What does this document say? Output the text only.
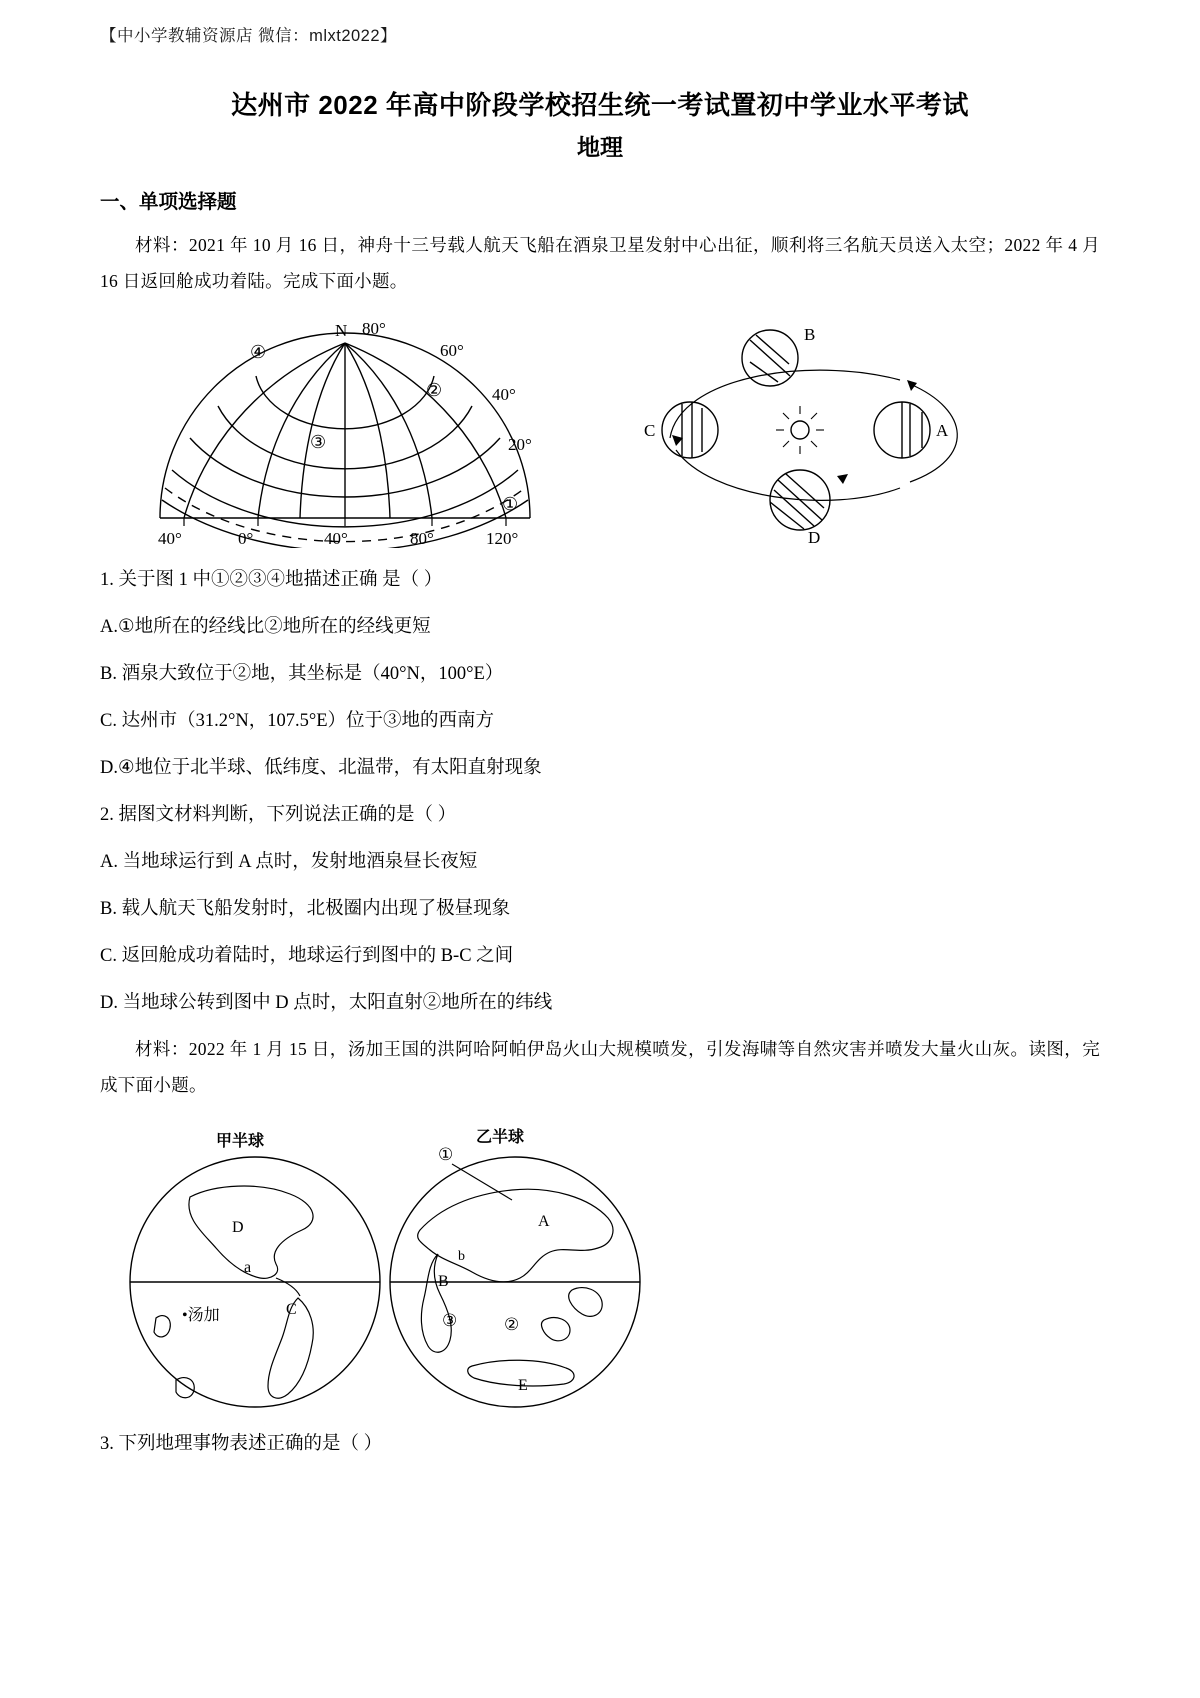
【中小学教辅资源店 微信：mlxt2022】
达州市 2022 年高中阶段学校招生统一考试置初中学业水平考试
地理
一、单项选择题

材料：2021 年 10 月 16 日，神舟十三号载人航天飞船在酒泉卫星发射中心出征，顺利将三名航天员送入太空；2022 年 4 月 16 日返回舱成功着陆。完成下面小题。

N 80°
60°
40°
20°
40°	0°	40°	80°	120°
④
②
③
①
B
A
C
D

1. 关于图 1 中①②③④地描述正确 是（ ）

A.①地所在的经线比②地所在的经线更短

B. 酒泉大致位于②地，其坐标是（40°N，100°E）

C. 达州市（31.2°N，107.5°E）位于③地的西南方

D.④地位于北半球、低纬度、北温带，有太阳直射现象

2. 据图文材料判断，下列说法正确的是（ ）

A. 当地球运行到 A 点时，发射地酒泉昼长夜短

B. 载人航天飞船发射时，北极圈内出现了极昼现象

C. 返回舱成功着陆时，地球运行到图中的 B-C 之间

D. 当地球公转到图中 D 点时，太阳直射②地所在的纬线

材料：2022 年 1 月 15 日，汤加王国的洪阿哈阿帕伊岛火山大规模喷发，引发海啸等自然灾害并喷发大量火山灰。读图，完成下面小题。

甲半球	乙半球
D
a
C
•汤加
①
A
b
B
③	②
E

3. 下列地理事物表述正确的是（ ）
